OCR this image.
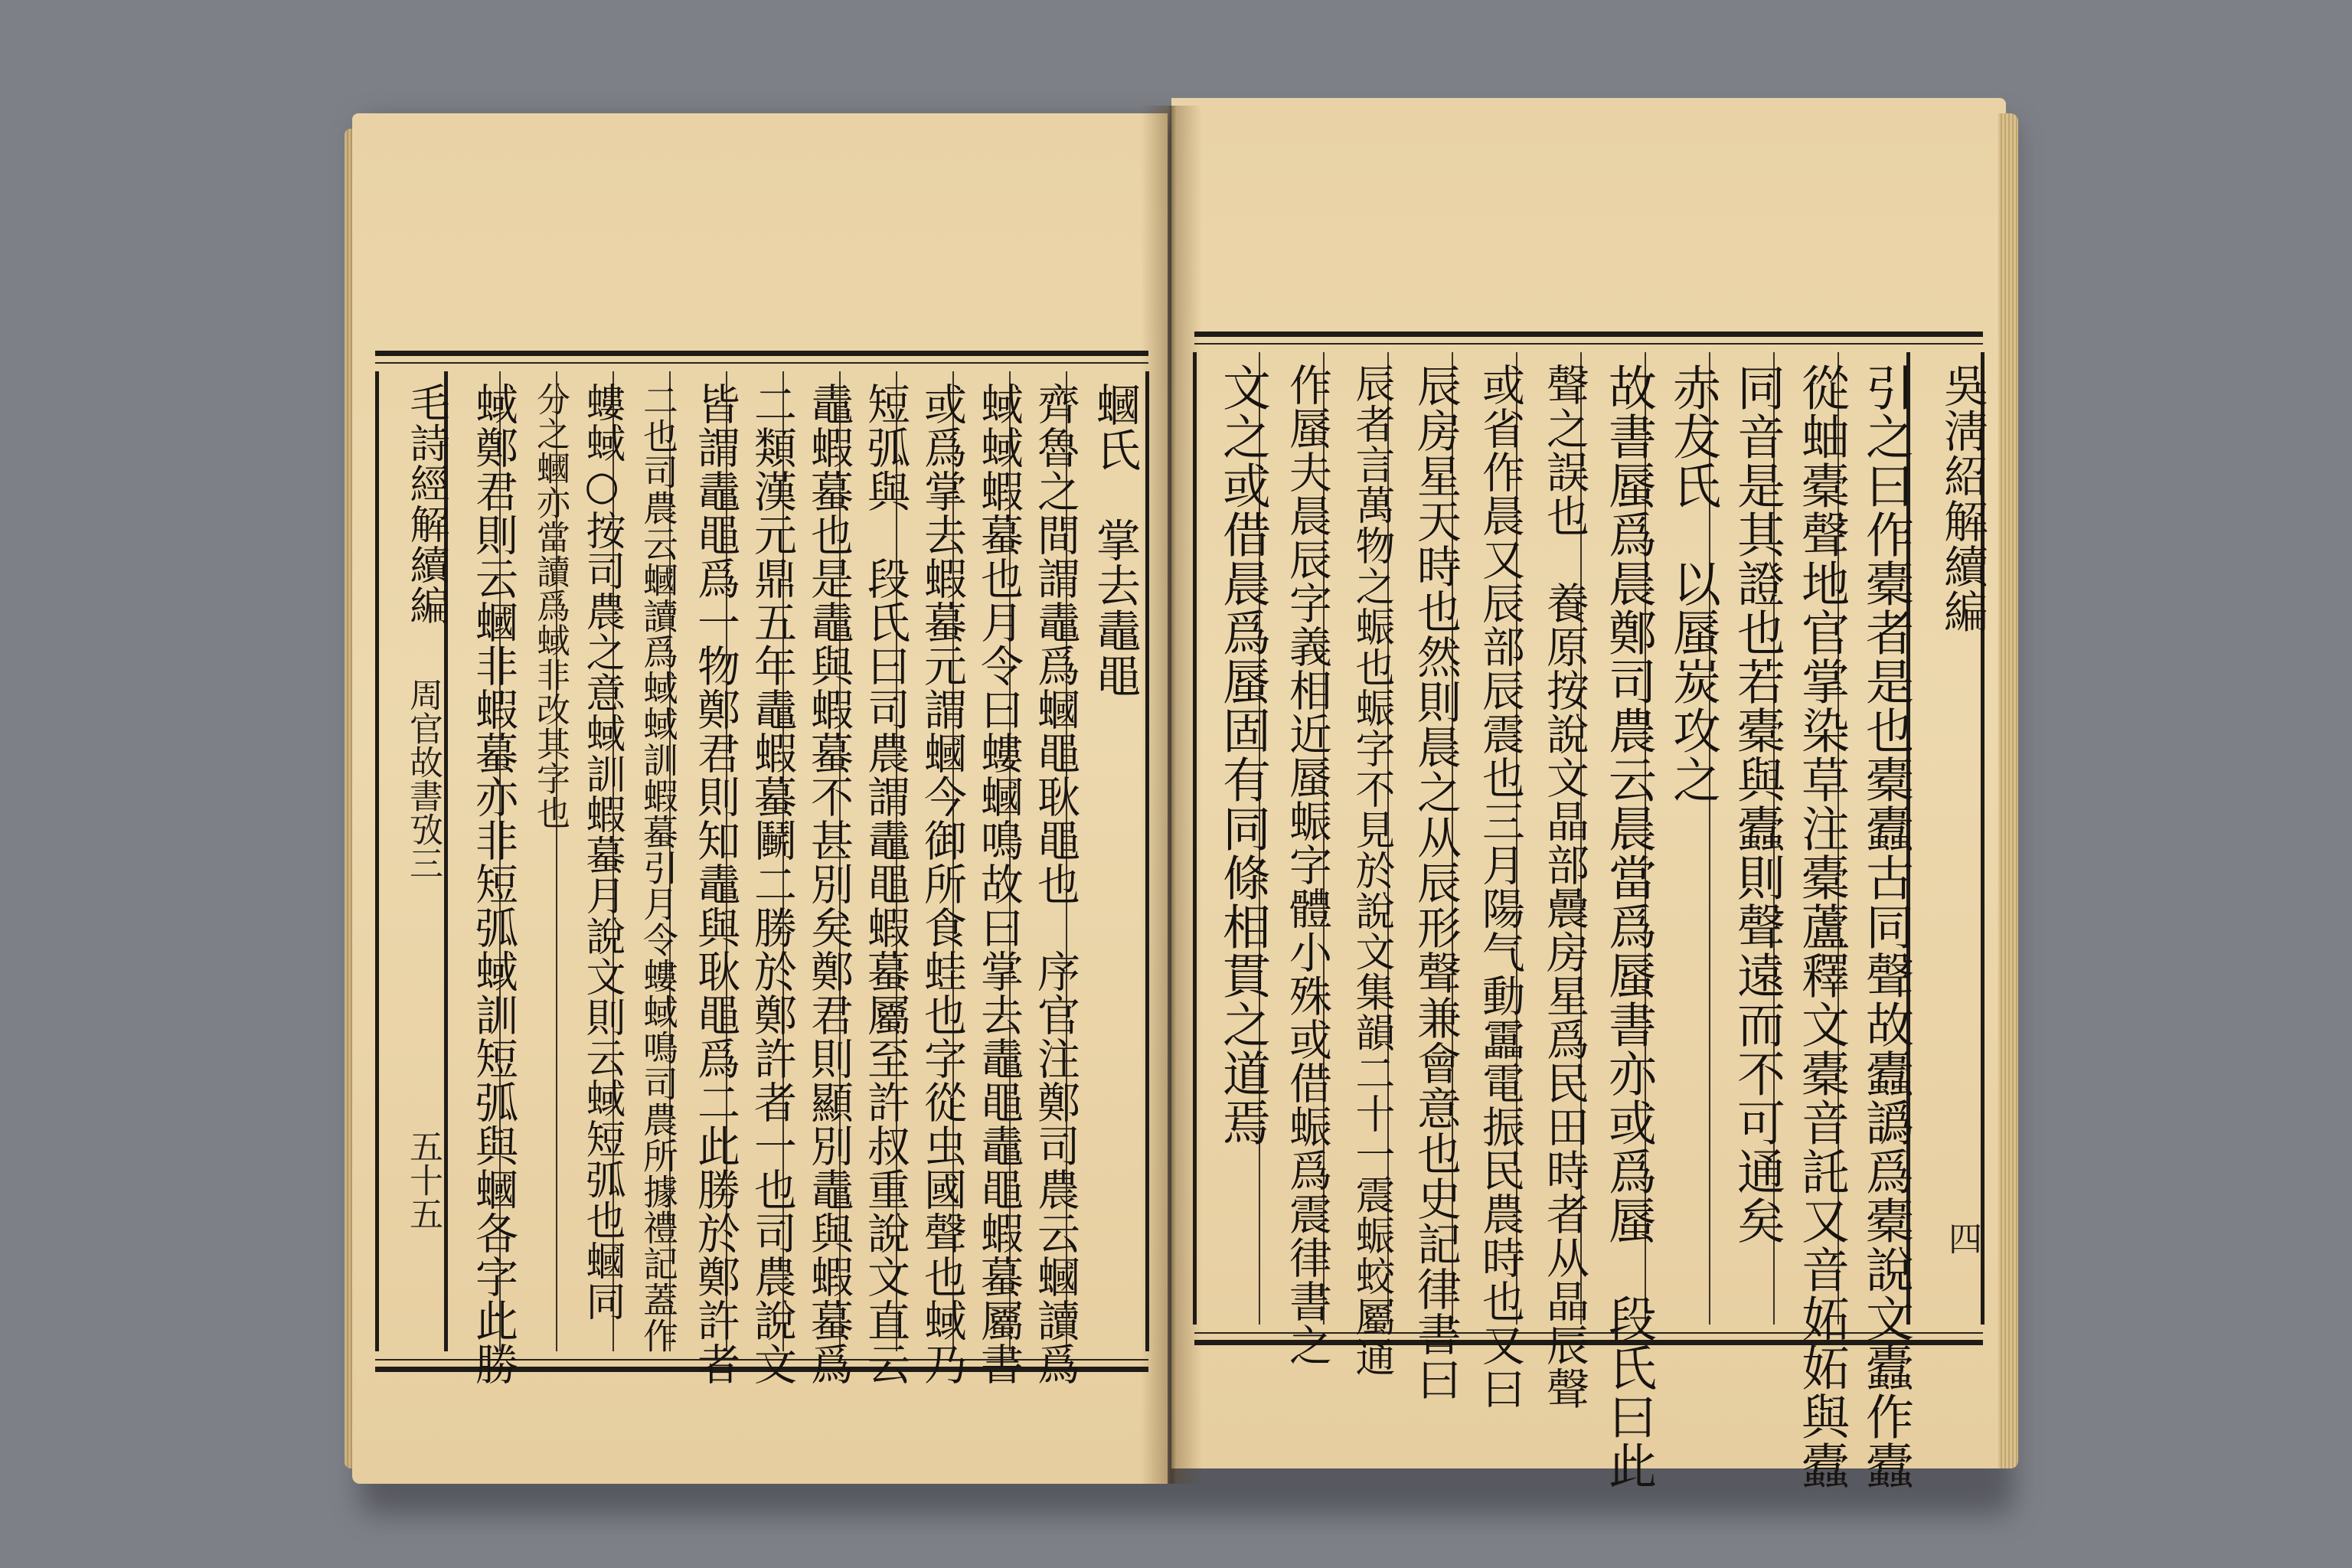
吳淸紹解續編
引之曰作橐者是也橐蠹古同聲故蠹譌爲橐說文蠹作蠹
從蚰橐聲地官掌染草注橐蘆釋文橐音託又音妬妬與蠹
同音是其證也若橐與蠹則聲遠而不可通矣
赤犮氏　以蜃炭攻之
故書蜃爲晨鄭司農云晨當爲蜃書亦或爲蜃　段氏曰此
聲之誤也　養原按說文晶部曟房星爲民田時者从晶辰聲
或省作晨又辰部辰震也三月陽气動靁電振民農時也又曰
辰房星天時也然則晨之从辰形聲兼會意也史記律書曰
辰者言萬物之蜄也蜄字不見於說文集韻二十一震蜄蛟屬通
作蜃夫晨辰字義相近蜃蜄字體小殊或借蜄爲震律書之
文之或借晨爲蜃固有同條相貫之道焉
四
蟈氏　掌去鼃黽
齊魯之間謂鼃爲蟈黽耿黽也　序官注鄭司農云蟈讀爲
蜮蜮蝦蟇也月令曰螻蟈鳴故曰掌去鼃黽鼃黽蝦蟇屬書
或爲掌去蝦蟇元謂蟈今御所食蛙也字從虫國聲也蜮乃
短弧與　段氏曰司農謂鼃黽蝦蟇屬至許叔重說文直云
鼃蝦蟇也是鼃與蝦蟇不甚別矣鄭君則顯別鼃與蝦蟇爲
二類漢元鼎五年鼃蝦蟇鬭二勝於鄭許者一也司農說文
皆謂鼃黽爲一物鄭君則知鼃與耿黽爲二此勝於鄭許者
二也司農云蟈讀爲蜮蜮訓蝦蟇引月令螻蜮鳴司農所據禮記蓋作
螻蜮○按司農之意蜮訓蝦蟇月說文則云蜮短弧也蟈同
分之蟈亦當讀爲蜮非改其字也
蜮鄭君則云蟈非蝦蟇亦非短弧蜮訓短弧與蟈各字此勝
毛詩經解續編
周官故書攷三
五十五
